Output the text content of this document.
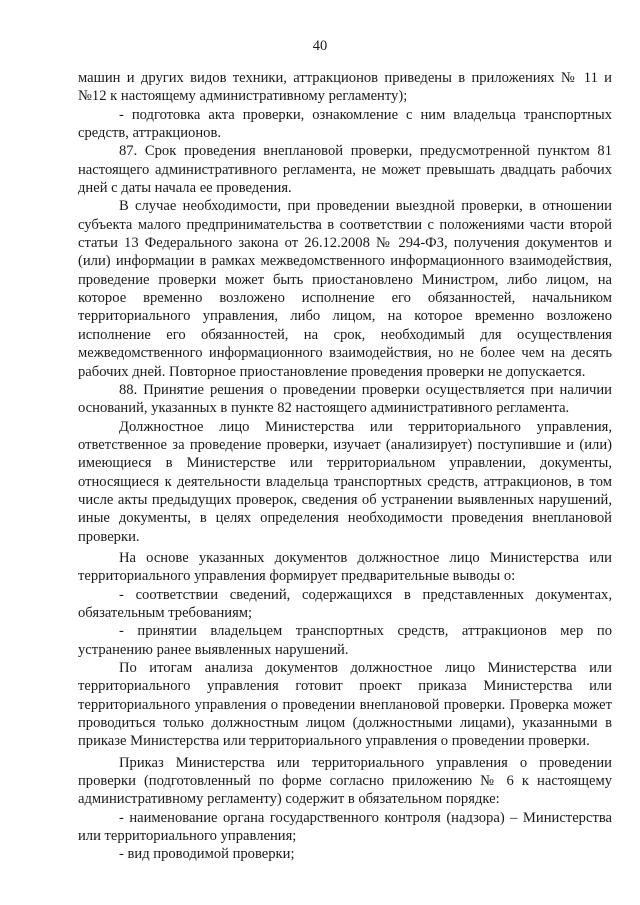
40

машин и других видов техники, аттракционов приведены в приложениях № 11 и №12 к настоящему административному регламенту);

- подготовка акта проверки, ознакомление с ним владельца транспортных средств, аттракционов.

87. Срок проведения внеплановой проверки, предусмотренной пунктом 81 настоящего административного регламента, не может превышать двадцать рабочих дней с даты начала ее проведения.

В случае необходимости, при проведении выездной проверки, в отношении субъекта малого предпринимательства в соответствии с положениями части второй статьи 13 Федерального закона от 26.12.2008 № 294-ФЗ, получения документов и (или) информации в рамках межведомственного информационного взаимодействия, проведение проверки может быть приостановлено Министром, либо лицом, на которое временно возложено исполнение его обязанностей, начальником территориального управления, либо лицом, на которое временно возложено исполнение его обязанностей, на срок, необходимый для осуществления межведомственного информационного взаимодействия, но не более чем на десять рабочих дней. Повторное приостановление проведения проверки не допускается.

88. Принятие решения о проведении проверки осуществляется при наличии оснований, указанных в пункте 82 настоящего административного регламента.

Должностное лицо Министерства или территориального управления, ответственное за проведение проверки, изучает (анализирует) поступившие и (или) имеющиеся в Министерстве или территориальном управлении, документы, относящиеся к деятельности владельца транспортных средств, аттракционов, в том числе акты предыдущих проверок, сведения об устранении выявленных нарушений, иные документы, в целях определения необходимости проведения внеплановой проверки.

На основе указанных документов должностное лицо Министерства или территориального управления формирует предварительные выводы о:

- соответствии сведений, содержащихся в представленных документах, обязательным требованиям;

- принятии владельцем транспортных средств, аттракционов мер по устранению ранее выявленных нарушений.

По итогам анализа документов должностное лицо Министерства или территориального управления готовит проект приказа Министерства или территориального управления о проведении внеплановой проверки. Проверка может проводиться только должностным лицом (должностными лицами), указанными в приказе Министерства или территориального управления о проведении проверки.

Приказ Министерства или территориального управления о проведении проверки (подготовленный по форме согласно приложению № 6 к настоящему административному регламенту) содержит в обязательном порядке:

- наименование органа государственного контроля (надзора) – Министерства или территориального управления;

- вид проводимой проверки;
